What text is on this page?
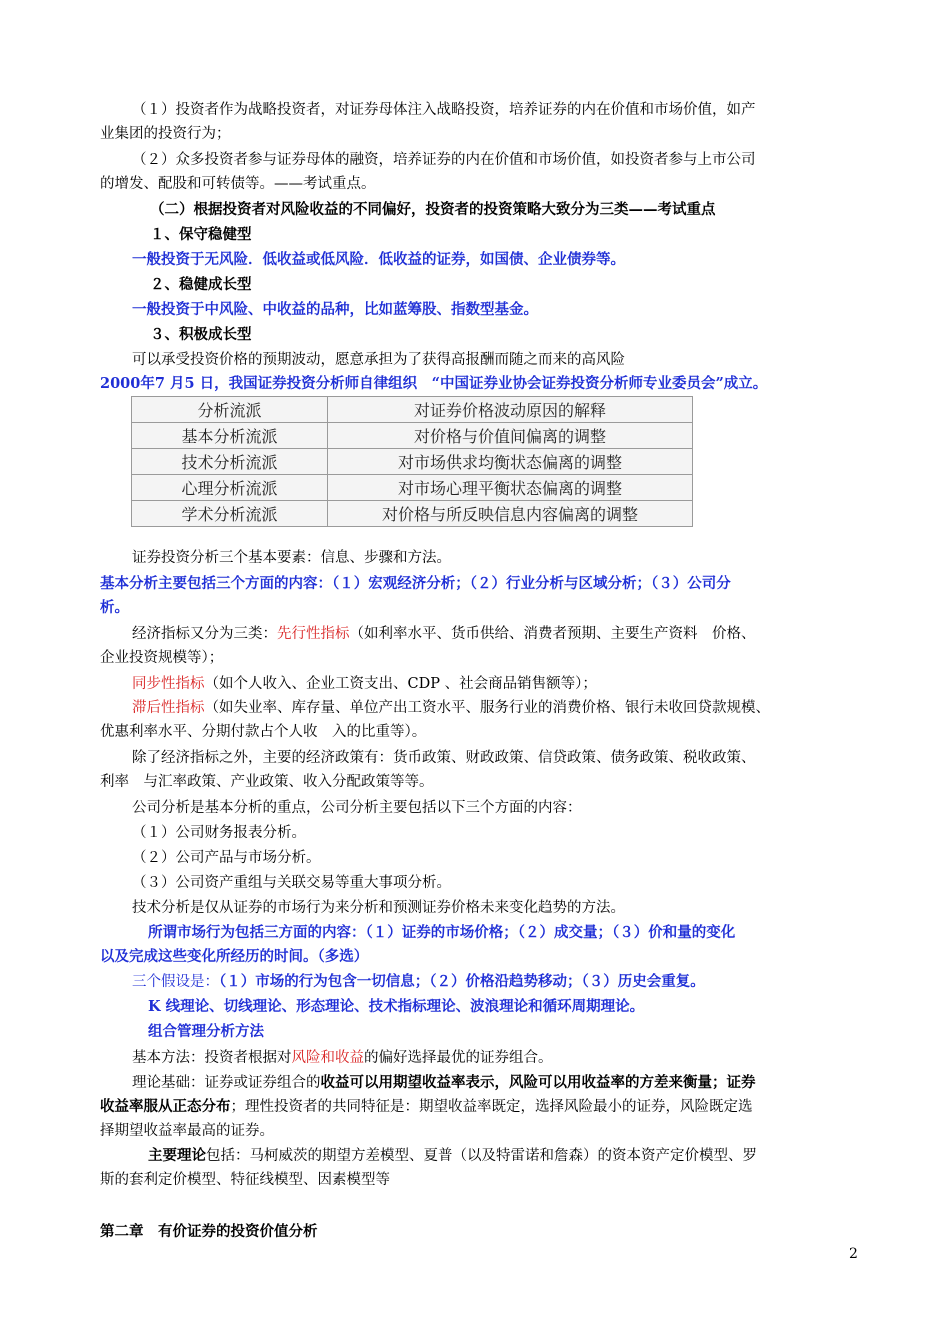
（１）投资者作为战略投资者，对证券母体注入战略投资，培养证券的内在价值和市场价值，如产
业集团的投资行为；
（２）众多投资者参与证券母体的融资，培养证券的内在价值和市场价值，如投资者参与上市公司
的增发、配股和可转债等。——考试重点。
（二）根据投资者对风险收益的不同偏好，投资者的投资策略大致分为三类——考试重点
１、保守稳健型
一般投资于无风险．低收益或低风险．低收益的证券，如国债、企业债券等。
２、稳健成长型
一般投资于中风险、中收益的品种，比如蓝筹股、指数型基金。
３、积极成长型
可以承受投资价格的预期波动，愿意承担为了获得高报酬而随之而来的高风险
2000年7 月5 日，我国证券投资分析师自律组织　“中国证券业协会证券投资分析师专业委员会”成立。
分析流派	对证券价格波动原因的解释
基本分析流派	对价格与价值间偏离的调整
技术分析流派	对市场供求均衡状态偏离的调整
心理分析流派	对市场心理平衡状态偏离的调整
学术分析流派	对价格与所反映信息内容偏离的调整
证券投资分析三个基本要素：信息、步骤和方法。
基本分析主要包括三个方面的内容：（１）宏观经济分析；（２）行业分析与区域分析；（３）公司分
析。
经济指标又分为三类：先行性指标（如利率水平、货币供给、消费者预期、主要生产资料　价格、
企业投资规模等）；
同步性指标（如个人收入、企业工资支出、CDP 、社会商品销售额等）；
滞后性指标（如失业率、库存量、单位产出工资水平、服务行业的消费价格、银行未收回贷款规模、
优惠利率水平、分期付款占个人收　入的比重等）。
除了经济指标之外，主要的经济政策有：货币政策、财政政策、信贷政策、债务政策、税收政策、
利率　与汇率政策、产业政策、收入分配政策等等。
公司分析是基本分析的重点，公司分析主要包括以下三个方面的内容：
（１）公司财务报表分析。
（２）公司产品与市场分析。
（３）公司资产重组与关联交易等重大事项分析。
技术分析是仅从证券的市场行为来分析和预测证券价格未来变化趋势的方法。
所谓市场行为包括三方面的内容：（１）证券的市场价格；（２）成交量；（３）价和量的变化
以及完成这些变化所经历的时间。（多选）
三个假设是：（１）市场的行为包含一切信息；（２）价格沿趋势移动；（３）历史会重复。
K 线理论、切线理论、形态理论、技术指标理论、波浪理论和循环周期理论。
组合管理分析方法
基本方法：投资者根据对风险和收益的偏好选择最优的证券组合。
理论基础：证券或证券组合的收益可以用期望收益率表示，风险可以用收益率的方差来衡量；证券
收益率服从正态分布；理性投资者的共同特征是：期望收益率既定，选择风险最小的证券，风险既定选
择期望收益率最高的证券。
主要理论包括：马柯威茨的期望方差模型、夏普（以及特雷诺和詹森）的资本资产定价模型、罗
斯的套利定价模型、特征线模型、因素模型等
第二章　有价证券的投资价值分析
2
